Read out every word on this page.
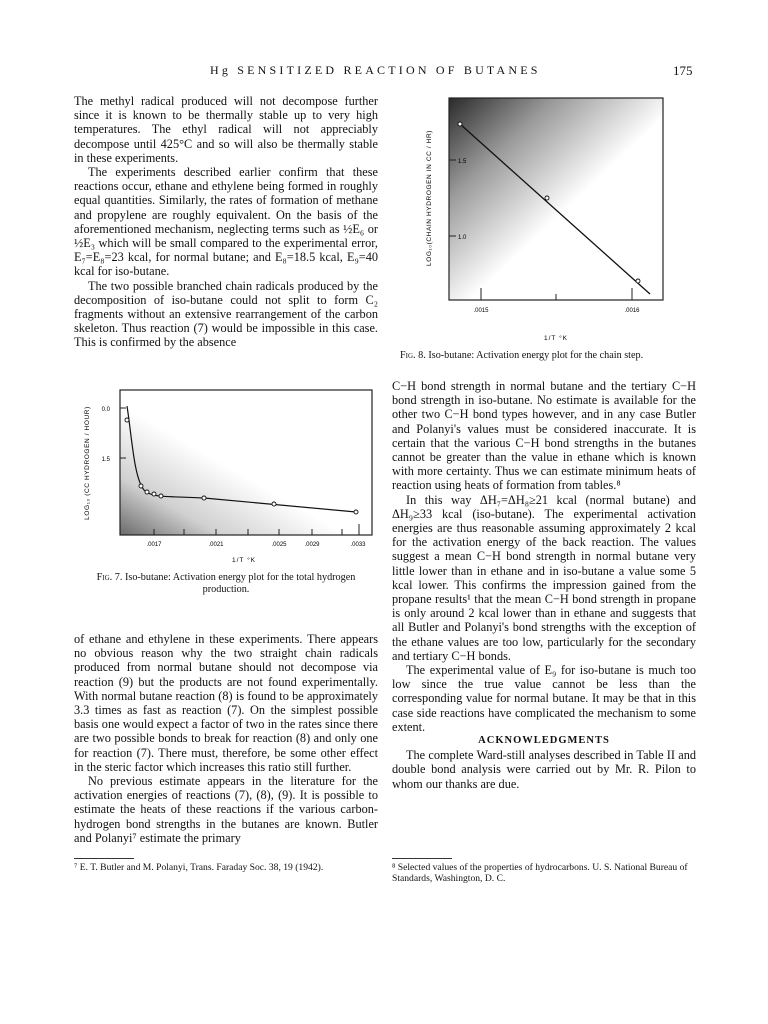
Hg SENSITIZED REACTION OF BUTANES	175

The methyl radical produced will not decompose further since it is known to be thermally stable up to very high temperatures. The ethyl radical will not appreciably decompose until 425°C and so will also be thermally stable in these experiments.

The experiments described earlier confirm that these reactions occur, ethane and ethylene being formed in roughly equal quantities. Similarly, the rates of formation of methane and propylene are roughly equivalent. On the basis of the aforementioned mechanism, neglecting terms such as ½E₆ or ½E₃ which will be small compared to the experimental error, E₇=E₈=23 kcal, for normal butane; and E₈=18.5 kcal, E₉=40 kcal for iso-butane.

The two possible branched chain radicals produced by the decomposition of iso-butane could not split to form C₂ fragments without an extensive rearrangement of the carbon skeleton. Thus reaction (7) would be impossible in this case. This is confirmed by the absence

LOG₁₀ (CC HYDROGEN / HOUR) 0.0
1.5
1.0
.0017	.0021	.0025	.0029	.0033
1/T °K
Fig. 7. Iso-butane: Activation energy plot for the total hydrogen production.

of ethane and ethylene in these experiments. There appears no obvious reason why the two straight chain radicals produced from normal butane should not decompose via reaction (9) but the products are not found experimentally. With normal butane reaction (8) is found to be approximately 3.3 times as fast as reaction (7). On the simplest possible basis one would expect a factor of two in the rates since there are two possible bonds to break for reaction (8) and only one for reaction (7). There must, therefore, be some other effect in the steric factor which increases this ratio still further.

No previous estimate appears in the literature for the activation energies of reactions (7), (8), (9). It is possible to estimate the heats of these reactions if the various carbon-hydrogen bond strengths in the butanes are known. Butler and Polanyi⁷ estimate the primary

⁷ E. T. Butler and M. Polanyi, Trans. Faraday Soc. 38, 19 (1942).
LOG₁₀(CHAIN HYDROGEN IN CC / HR)	1.5
1.0
.0015	.0016
1/T °K
Fig. 8. Iso-butane: Activation energy plot for the chain step.

C−H bond strength in normal butane and the tertiary C−H bond strength in iso-butane. No estimate is available for the other two C−H bond types however, and in any case Butler and Polanyi's values must be considered inaccurate. It is certain that the various C−H bond strengths in the butanes cannot be greater than the value in ethane which is known with more certainty. Thus we can estimate minimum heats of reaction using heats of formation from tables.⁸

In this way ΔH₇=ΔH₈≥21 kcal (normal butane) and ΔH₉≥33 kcal (iso-butane). The experimental activation energies are thus reasonable assuming approximately 2 kcal for the activation energy of the back reaction. The values suggest a mean C−H bond strength in normal butane very little lower than in ethane and in iso-butane a value some 5 kcal lower. This confirms the impression gained from the propane results¹ that the mean C−H bond strength in propane is only around 2 kcal lower than in ethane and suggests that all Butler and Polanyi's bond strengths with the exception of the ethane values are too low, particularly for the secondary and tertiary C−H bonds.

The experimental value of E₉ for iso-butane is much too low since the true value cannot be less than the corresponding value for normal butane. It may be that in this case side reactions have complicated the mechanism to some extent.

ACKNOWLEDGMENTS

The complete Ward-still analyses described in Table II and double bond analysis were carried out by Mr. R. Pilon to whom our thanks are due.

⁸ Selected values of the properties of hydrocarbons. U. S. National Bureau of Standards, Washington, D. C.
